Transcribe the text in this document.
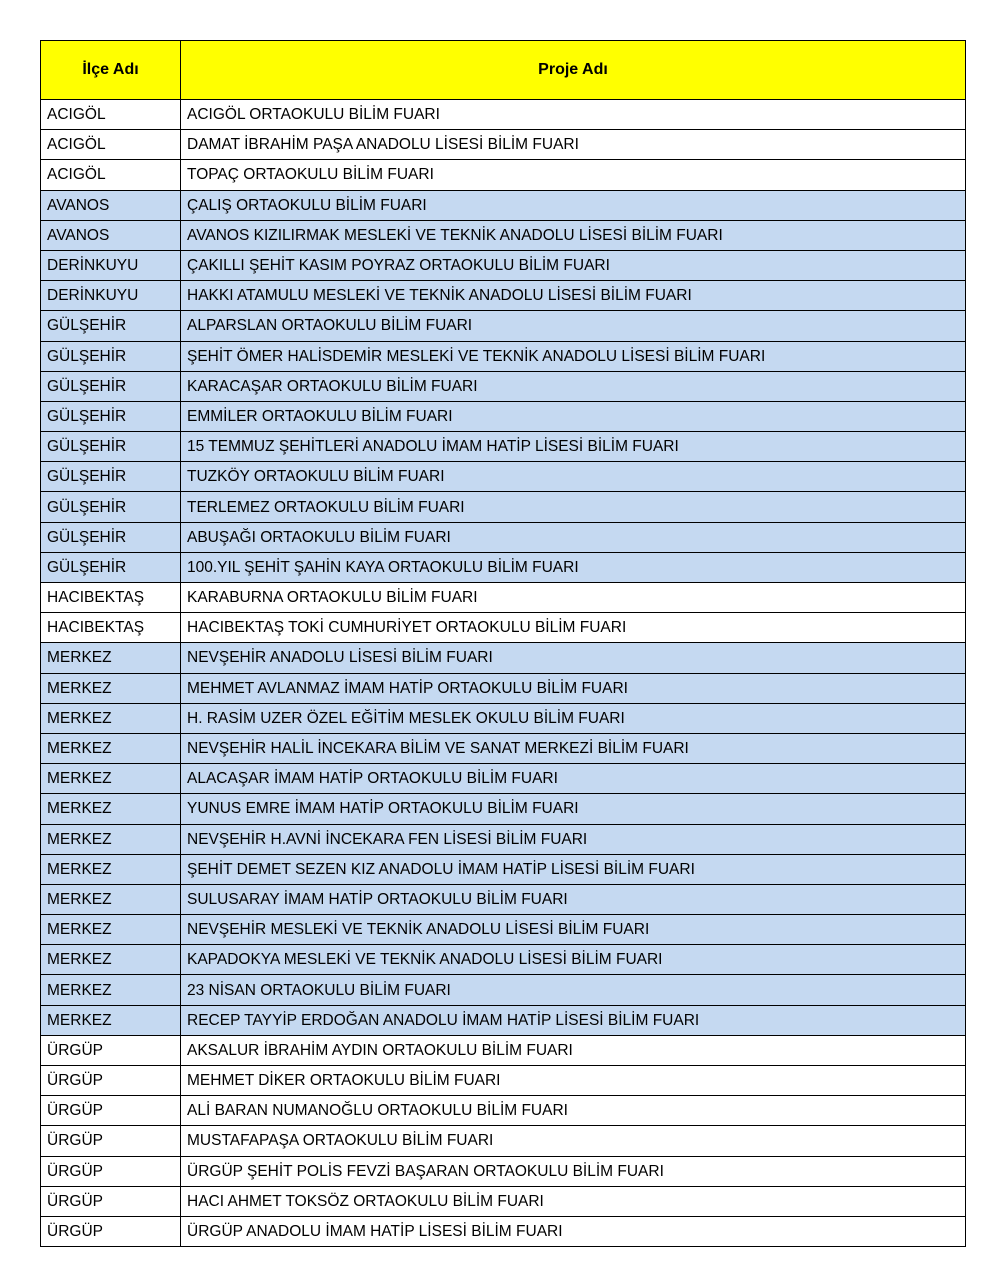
İlçe Adı	Proje Adı
ACIGÖL	ACIGÖL ORTAOKULU BİLİM FUARI
ACIGÖL	DAMAT İBRAHİM PAŞA ANADOLU LİSESİ BİLİM FUARI
ACIGÖL	TOPAÇ ORTAOKULU BİLİM FUARI
AVANOS	ÇALIŞ ORTAOKULU BİLİM FUARI
AVANOS	AVANOS KIZILIRMAK MESLEKİ VE TEKNİK ANADOLU LİSESİ BİLİM FUARI
DERİNKUYU	ÇAKILLI ŞEHİT KASIM POYRAZ ORTAOKULU BİLİM FUARI
DERİNKUYU	HAKKI ATAMULU MESLEKİ VE TEKNİK ANADOLU LİSESİ BİLİM FUARI
GÜLŞEHİR	ALPARSLAN ORTAOKULU BİLİM FUARI
GÜLŞEHİR	ŞEHİT ÖMER HALİSDEMİR MESLEKİ VE TEKNİK ANADOLU LİSESİ BİLİM FUARI
GÜLŞEHİR	KARACAŞAR ORTAOKULU BİLİM FUARI
GÜLŞEHİR	EMMİLER ORTAOKULU BİLİM FUARI
GÜLŞEHİR	15 TEMMUZ ŞEHİTLERİ ANADOLU İMAM HATİP LİSESİ BİLİM FUARI
GÜLŞEHİR	TUZKÖY ORTAOKULU BİLİM FUARI
GÜLŞEHİR	TERLEMEZ ORTAOKULU BİLİM FUARI
GÜLŞEHİR	ABUŞAĞI ORTAOKULU BİLİM FUARI
GÜLŞEHİR	100.YIL ŞEHİT ŞAHİN KAYA ORTAOKULU BİLİM FUARI
HACIBEKTAŞ	KARABURNA ORTAOKULU BİLİM FUARI
HACIBEKTAŞ	HACIBEKTAŞ TOKİ CUMHURİYET ORTAOKULU BİLİM FUARI
MERKEZ	NEVŞEHİR ANADOLU LİSESİ BİLİM FUARI
MERKEZ	MEHMET AVLANMAZ İMAM HATİP ORTAOKULU BİLİM FUARI
MERKEZ	H. RASİM UZER ÖZEL EĞİTİM MESLEK OKULU BİLİM FUARI
MERKEZ	NEVŞEHİR HALİL İNCEKARA BİLİM VE SANAT MERKEZİ BİLİM FUARI
MERKEZ	ALACAŞAR İMAM HATİP ORTAOKULU BİLİM FUARI
MERKEZ	YUNUS EMRE İMAM HATİP ORTAOKULU BİLİM FUARI
MERKEZ	NEVŞEHİR H.AVNİ İNCEKARA FEN LİSESİ BİLİM FUARI
MERKEZ	ŞEHİT DEMET SEZEN KIZ ANADOLU İMAM HATİP LİSESİ BİLİM FUARI
MERKEZ	SULUSARAY İMAM HATİP ORTAOKULU BİLİM FUARI
MERKEZ	NEVŞEHİR MESLEKİ VE TEKNİK ANADOLU LİSESİ BİLİM FUARI
MERKEZ	KAPADOKYA MESLEKİ VE TEKNİK ANADOLU LİSESİ BİLİM FUARI
MERKEZ	23 NİSAN ORTAOKULU BİLİM FUARI
MERKEZ	RECEP TAYYİP ERDOĞAN ANADOLU İMAM HATİP LİSESİ BİLİM FUARI
ÜRGÜP	AKSALUR İBRAHİM AYDIN ORTAOKULU BİLİM FUARI
ÜRGÜP	MEHMET DİKER ORTAOKULU BİLİM FUARI
ÜRGÜP	ALİ BARAN NUMANOĞLU ORTAOKULU BİLİM FUARI
ÜRGÜP	MUSTAFAPAŞA ORTAOKULU BİLİM FUARI
ÜRGÜP	ÜRGÜP ŞEHİT POLİS FEVZİ BAŞARAN ORTAOKULU BİLİM FUARI
ÜRGÜP	HACI AHMET TOKSÖZ ORTAOKULU BİLİM FUARI
ÜRGÜP	ÜRGÜP ANADOLU İMAM HATİP LİSESİ BİLİM FUARI
